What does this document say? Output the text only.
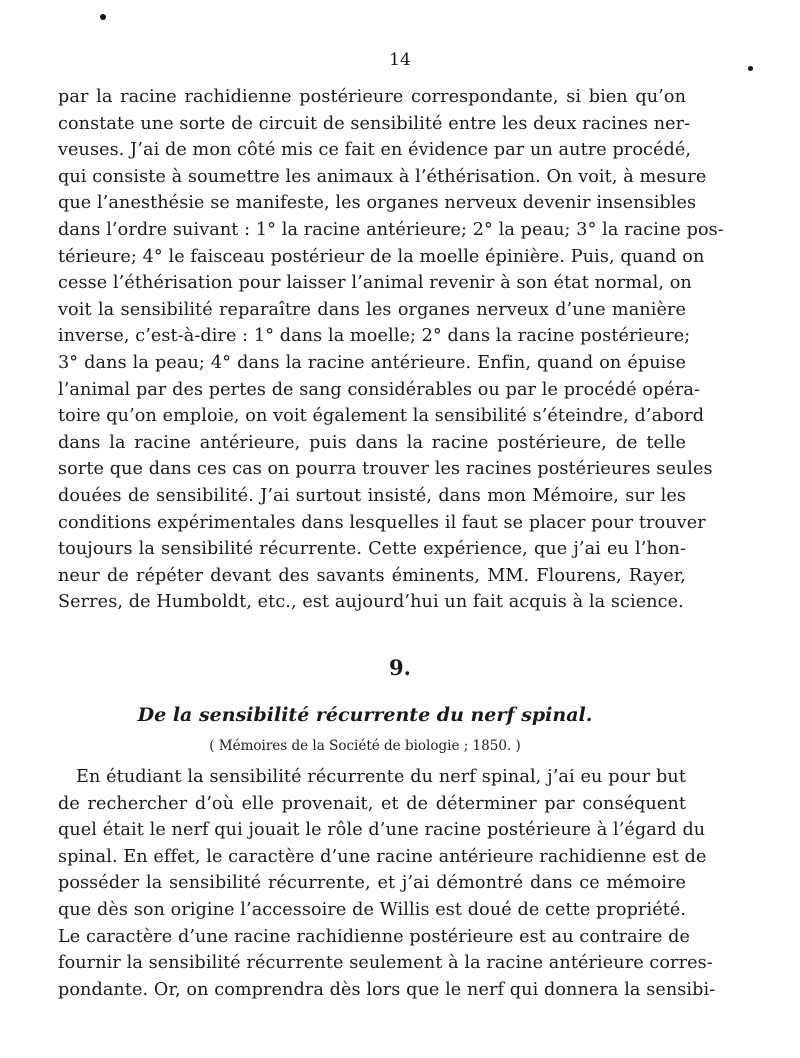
14
par la racine rachidienne postérieure correspondante, si bien qu’on
constate une sorte de circuit de sensibilité entre les deux racines ner-
veuses. J’ai de mon côté mis ce fait en évidence par un autre procédé,
qui consiste à soumettre les animaux à l’éthérisation. On voit, à mesure
que l’anesthésie se manifeste, les organes nerveux devenir insensibles
dans l’ordre suivant : 1° la racine antérieure; 2° la peau; 3° la racine pos-
térieure; 4° le faisceau postérieur de la moelle épinière. Puis, quand on
cesse l’éthérisation pour laisser l’animal revenir à son état normal, on
voit la sensibilité reparaître dans les organes nerveux d’une manière
inverse, c’est-à-dire : 1° dans la moelle; 2° dans la racine postérieure;
3° dans la peau; 4° dans la racine antérieure. Enfin, quand on épuise
l’animal par des pertes de sang considérables ou par le procédé opéra-
toire qu’on emploie, on voit également la sensibilité s’éteindre, d’abord
dans la racine antérieure, puis dans la racine postérieure, de telle
sorte que dans ces cas on pourra trouver les racines postérieures seules
douées de sensibilité. J’ai surtout insisté, dans mon Mémoire, sur les
conditions expérimentales dans lesquelles il faut se placer pour trouver
toujours la sensibilité récurrente. Cette expérience, que j’ai eu l’hon-
neur de répéter devant des savants éminents, MM. Flourens, Rayer,
Serres, de Humboldt, etc., est aujourd’hui un fait acquis à la science.
9.
De la sensibilité récurrente du nerf spinal.
( Mémoires de la Société de biologie ; 1850. )
En étudiant la sensibilité récurrente du nerf spinal, j’ai eu pour but
de rechercher d’où elle provenait, et de déterminer par conséquent
quel était le nerf qui jouait le rôle d’une racine postérieure à l’égard du
spinal. En effet, le caractère d’une racine antérieure rachidienne est de
posséder la sensibilité récurrente, et j’ai démontré dans ce mémoire
que dès son origine l’accessoire de Willis est doué de cette propriété.
Le caractère d’une racine rachidienne postérieure est au contraire de
fournir la sensibilité récurrente seulement à la racine antérieure corres-
pondante. Or, on comprendra dès lors que le nerf qui donnera la sensibi-
